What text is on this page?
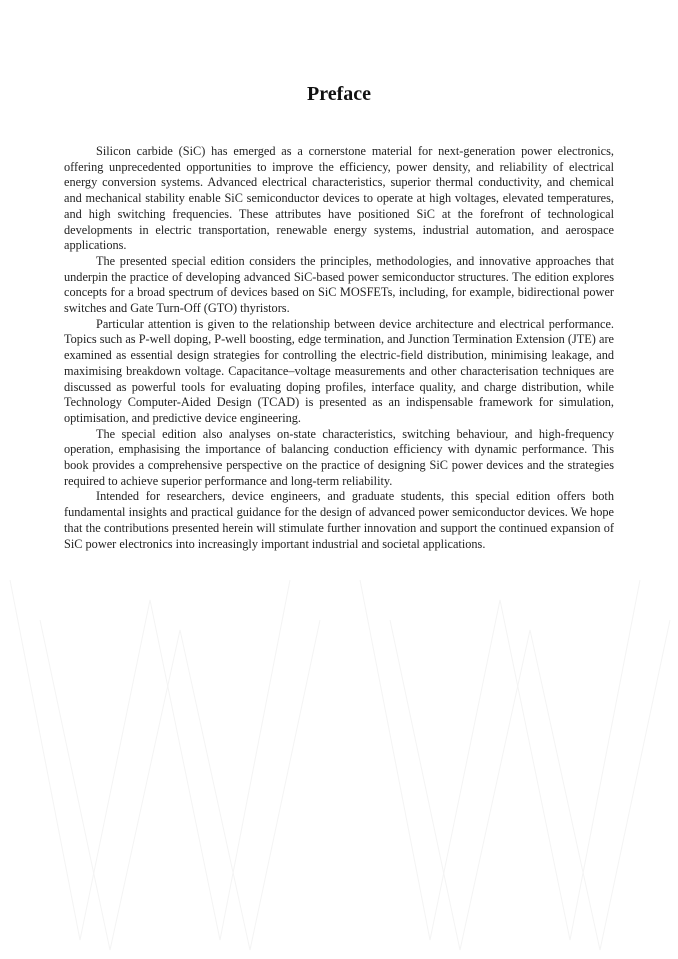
Preface

Silicon carbide (SiC) has emerged as a cornerstone material for next-generation power electronics, offering unprecedented opportunities to improve the efficiency, power density, and reliability of electrical energy conversion systems. Advanced electrical characteristics, superior thermal conductivity, and chemical and mechanical stability enable SiC semiconductor devices to operate at high voltages, elevated temperatures, and high switching frequencies. These attributes have positioned SiC at the forefront of technological developments in electric transportation, renewable energy systems, industrial automation, and aerospace applications.

The presented special edition considers the principles, methodologies, and innovative approaches that underpin the practice of developing advanced SiC-based power semiconductor structures. The edition explores concepts for a broad spectrum of devices based on SiC MOSFETs, including, for example, bidirectional power switches and Gate Turn-Off (GTO) thyristors.

Particular attention is given to the relationship between device architecture and electrical performance. Topics such as P-well doping, P-well boosting, edge termination, and Junction Termination Extension (JTE) are examined as essential design strategies for controlling the electric-field distribution, minimising leakage, and maximising breakdown voltage. Capacitance–voltage measurements and other characterisation techniques are discussed as powerful tools for evaluating doping profiles, interface quality, and charge distribution, while Technology Computer-Aided Design (TCAD) is presented as an indispensable framework for simulation, optimisation, and predictive device engineering.

The special edition also analyses on-state characteristics, switching behaviour, and high-frequency operation, emphasising the importance of balancing conduction efficiency with dynamic performance. This book provides a comprehensive perspective on the practice of designing SiC power devices and the strategies required to achieve superior performance and long-term reliability.

Intended for researchers, device engineers, and graduate students, this special edition offers both fundamental insights and practical guidance for the design of advanced power semiconductor devices. We hope that the contributions presented herein will stimulate further innovation and support the continued expansion of SiC power electronics into increasingly important industrial and societal applications.
